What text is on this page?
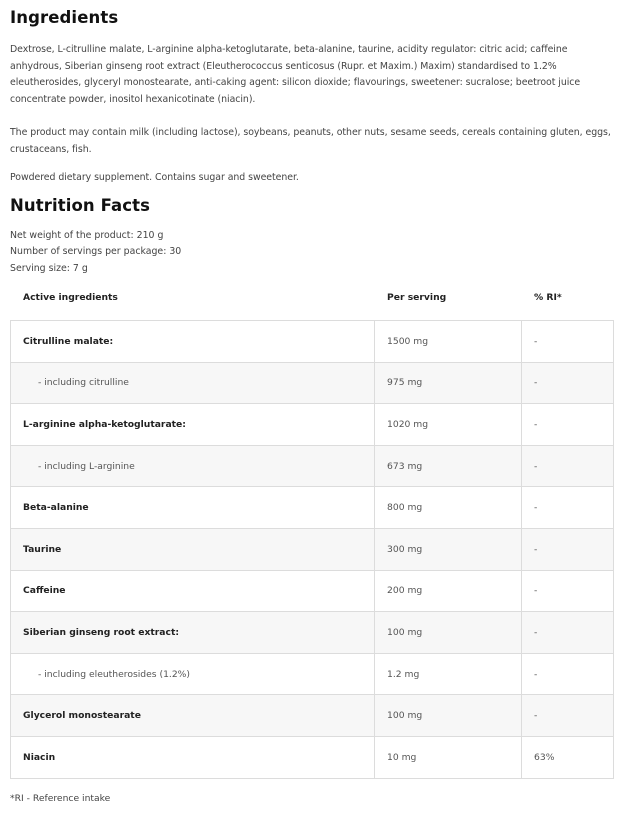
Ingredients

Dextrose, L-citrulline malate, L-arginine alpha-ketoglutarate, beta-alanine, taurine, acidity regulator: citric acid; caffeine anhydrous, Siberian ginseng root extract (Eleutherococcus senticosus (Rupr. et Maxim.) Maxim) standardised to 1.2% eleutherosides, glyceryl monostearate, anti-caking agent: silicon dioxide; flavourings, sweetener: sucralose; beetroot juice concentrate powder, inositol hexanicotinate (niacin).

The product may contain milk (including lactose), soybeans, peanuts, other nuts, sesame seeds, cereals containing gluten, eggs, crustaceans, fish.

Powdered dietary supplement. Contains sugar and sweetener.

Nutrition Facts
Net weight of the product: 210 g
Number of servings per package: 30
Serving size: 7 g
Active ingredients	Per serving	% RI*
Citrulline malate:	1500 mg	-
- including citrulline	975 mg	-
L-arginine alpha-ketoglutarate:	1020 mg	-
- including L-arginine	673 mg	-
Beta-alanine	800 mg	-
Taurine	300 mg	-
Caffeine	200 mg	-
Siberian ginseng root extract:	100 mg	-
- including eleutherosides (1.2%)	1.2 mg	-
Glycerol monostearate	100 mg	-
Niacin	10 mg	63%
*RI - Reference intake
